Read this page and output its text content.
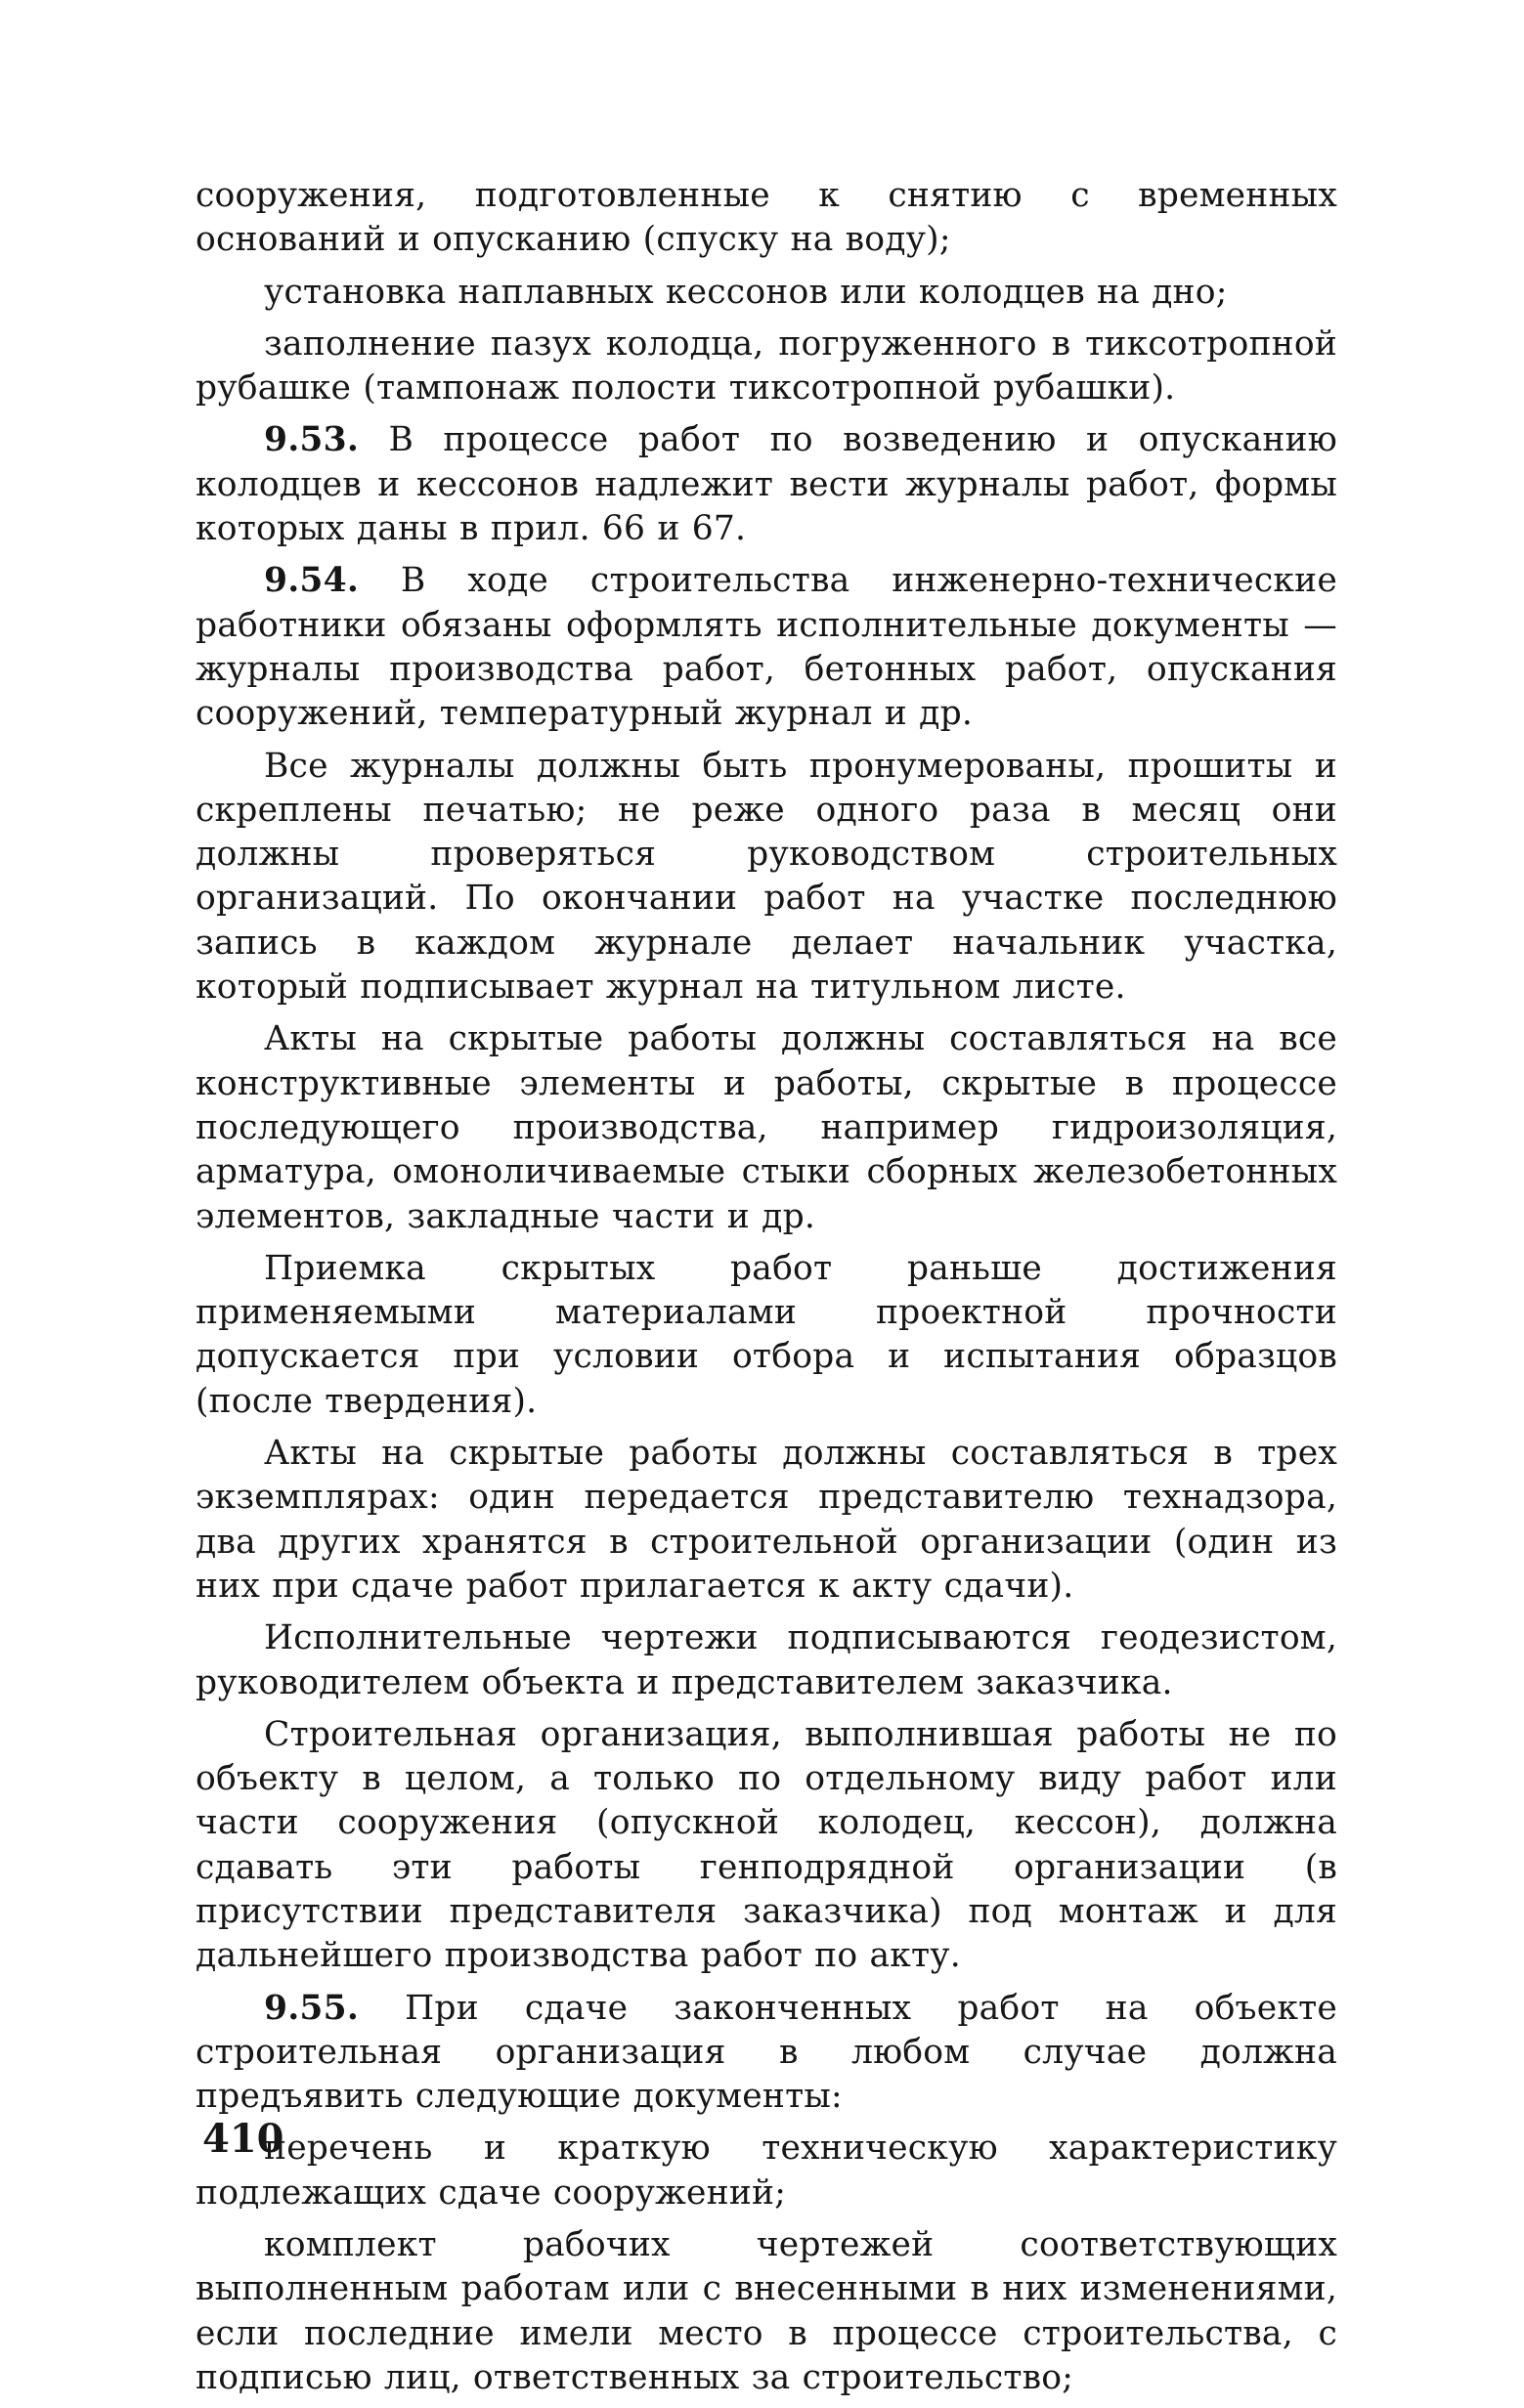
сооружения, подготовленные к снятию с временных оснований и опусканию (спуску на воду);

установка наплавных кессонов или колодцев на дно;

заполнение пазух колодца, погруженного в тиксотропной рубашке (тампонаж полости тиксотропной рубашки).

9.53. В процессе работ по возведению и опусканию колодцев и кессонов надлежит вести журналы работ, формы которых даны в прил. 66 и 67.

9.54. В ходе строительства инженерно-технические работники обязаны оформлять исполнительные документы — журналы производства работ, бетонных работ, опускания сооружений, температурный журнал и др.

Все журналы должны быть пронумерованы, прошиты и скреплены печатью; не реже одного раза в месяц они должны проверяться руководством строительных организаций. По окончании работ на участке последнюю запись в каждом журнале делает начальник участка, который подписывает журнал на титульном листе.

Акты на скрытые работы должны составляться на все конструктивные элементы и работы, скрытые в процессе последующего производства, например гидроизоляция, арматура, омоноличиваемые стыки сборных железобетонных элементов, закладные части и др.

Приемка скрытых работ раньше достижения применяемыми материалами проектной прочности допускается при условии отбора и испытания образцов (после твердения).

Акты на скрытые работы должны составляться в трех экземплярах: один передается представителю технадзора, два других хранятся в строительной организации (один из них при сдаче работ прилагается к акту сдачи).

Исполнительные чертежи подписываются геодезистом, руководителем объекта и представителем заказчика.

Строительная организация, выполнившая работы не по объекту в целом, а только по отдельному виду работ или части сооружения (опускной колодец, кессон), должна сдавать эти работы генподрядной организации (в присутствии представителя заказчика) под монтаж и для дальнейшего производства работ по акту.

9.55. При сдаче законченных работ на объекте строительная организация в любом случае должна предъявить следующие документы:

перечень и краткую техническую характеристику подлежащих сдаче сооружений;

комплект рабочих чертежей соответствующих выполненным работам или с внесенными в них изменениями, если последние имели место в процессе строительства, с подписью лиц, ответственных за строительство;

410
